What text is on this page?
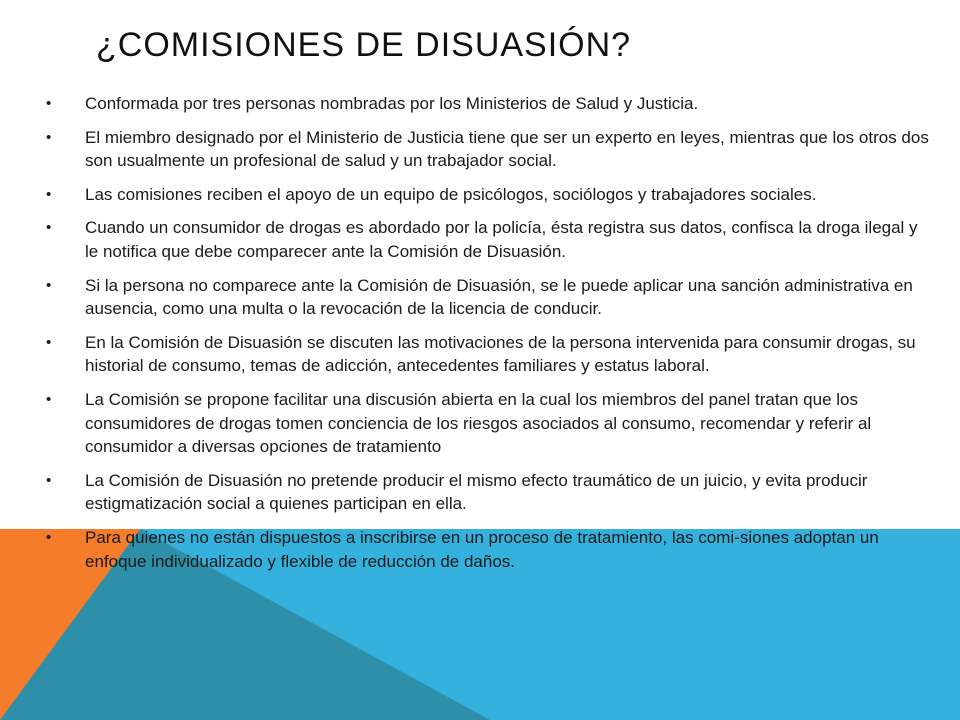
¿COMISIONES DE DISUASIÓN?
• Conformada por tres personas nombradas por los Ministerios de Salud y Justicia.
• El miembro designado por el Ministerio de Justicia tiene que ser un experto en leyes, mientras que los otros dos son usualmente un profesional de salud y un trabajador social.
• Las comisiones reciben el apoyo de un equipo de psicólogos, sociólogos y trabajadores sociales.
• Cuando un consumidor de drogas es abordado por la policía, ésta registra sus datos, confisca la droga ilegal y le notifica que debe comparecer ante la Comisión de Disuasión.
• Si la persona no comparece ante la Comisión de Disuasión, se le puede aplicar una sanción administrativa en ausencia, como una multa o la revocación de la licencia de conducir.
• En la Comisión de Disuasión se discuten las motivaciones de la persona intervenida para consumir drogas, su historial de consumo, temas de adicción, antecedentes familiares y estatus laboral.
• La Comisión se propone facilitar una discusión abierta en la cual los miembros del panel tratan que los consumidores de drogas tomen conciencia de los riesgos asociados al consumo, recomendar y referir al consumidor a diversas opciones de tratamiento
• La Comisión de Disuasión no pretende producir el mismo efecto traumático de un juicio, y evita producir estigmatización social a quienes participan en ella.
• Para quienes no están dispuestos a inscribirse en un proceso de tratamiento, las comi-siones adoptan un enfoque individualizado y flexible de reducción de daños.
